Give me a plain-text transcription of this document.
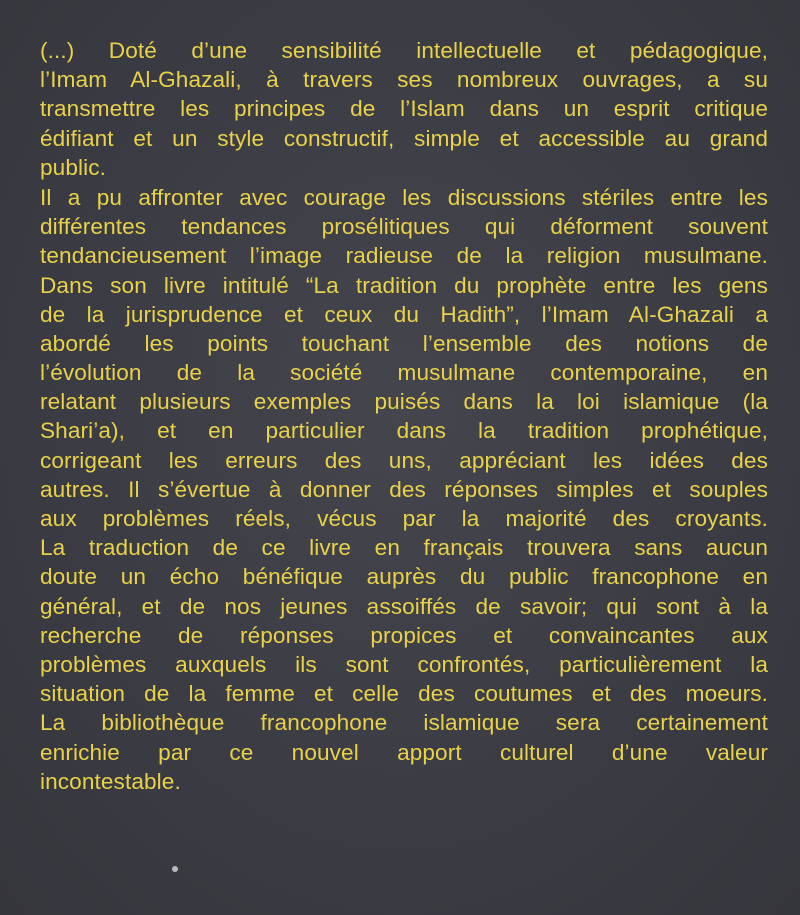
(...) Doté d’une sensibilité intellectuelle et pédagogique,
l’Imam Al-Ghazali, à travers ses nombreux ouvrages, a su
transmettre les principes de l’Islam dans un esprit critique
édifiant et un style constructif, simple et accessible au grand
public.

Il a pu affronter avec courage les discussions stériles entre les
différentes tendances prosélitiques qui déforment souvent
tendancieusement l’image radieuse de la religion musulmane.
Dans son livre intitulé “La tradition du prophète entre les gens
de la jurisprudence et ceux du Hadith”, l’Imam Al-Ghazali a
abordé les points touchant l’ensemble des notions de
l’évolution de la société musulmane contemporaine, en
relatant plusieurs exemples puisés dans la loi islamique (la
Shari’a), et en particulier dans la tradition prophétique,
corrigeant les erreurs des uns, appréciant les idées des
autres. Il s’évertue à donner des réponses simples et souples
aux problèmes réels, vécus par la majorité des croyants.
La traduction de ce livre en français trouvera sans aucun
doute un écho bénéfique auprès du public francophone en
général, et de nos jeunes assoiffés de savoir; qui sont à la
recherche de réponses propices et convaincantes aux
problèmes auxquels ils sont confrontés, particulièrement la
situation de la femme et celle des coutumes et des moeurs.
La bibliothèque francophone islamique sera certainement
enrichie par ce nouvel apport culturel d’une valeur
incontestable.
